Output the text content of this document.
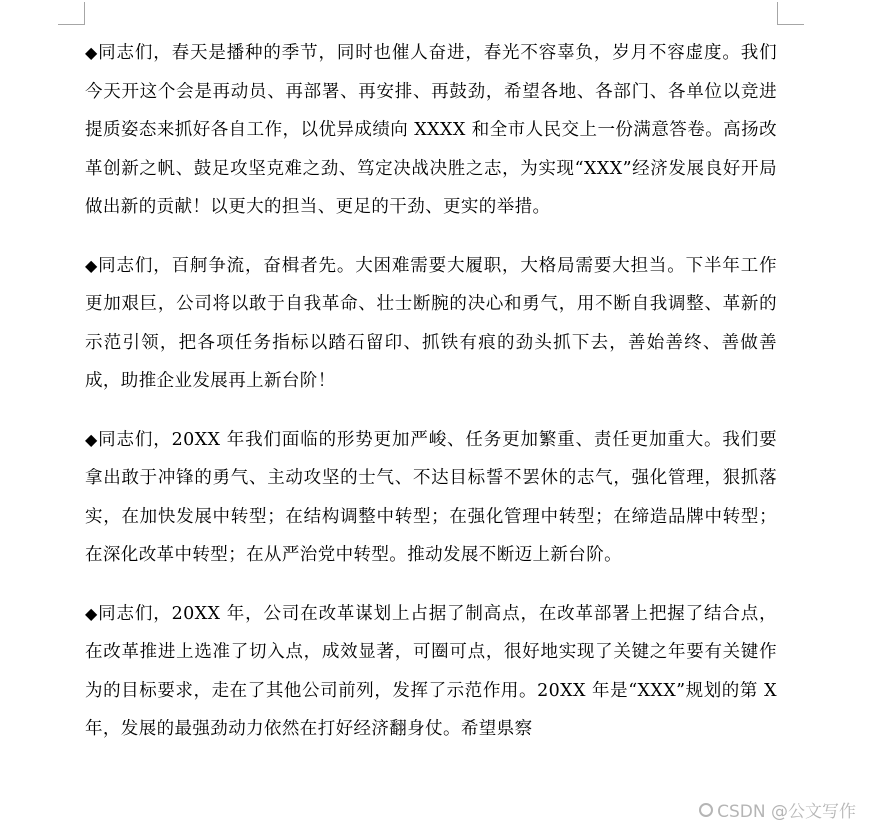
◆同志们，春天是播种的季节，同时也催人奋进，春光不容辜负，岁月不容虚度。我们今天开这个会是再动员、再部署、再安排、再鼓劲，希望各地、各部门、各单位以竞进提质姿态来抓好各自工作，以优异成绩向 XXXX 和全市人民交上一份满意答卷。高扬改革创新之帆、鼓足攻坚克难之劲、笃定决战决胜之志，为实现“XXX”经济发展良好开局做出新的贡献！以更大的担当、更足的干劲、更实的举措。

◆同志们，百舸争流，奋楫者先。大困难需要大履职，大格局需要大担当。下半年工作更加艰巨，公司将以敢于自我革命、壮士断腕的决心和勇气，用不断自我调整、革新的示范引领，把各项任务指标以踏石留印、抓铁有痕的劲头抓下去，善始善终、善做善成，助推企业发展再上新台阶！

◆同志们，20XX 年我们面临的形势更加严峻、任务更加繁重、责任更加重大。我们要拿出敢于冲锋的勇气、主动攻坚的士气、不达目标誓不罢休的志气，强化管理，狠抓落实，在加快发展中转型；在结构调整中转型；在强化管理中转型；在缔造品牌中转型；在深化改革中转型；在从严治党中转型。推动发展不断迈上新台阶。

◆同志们，20XX 年，公司在改革谋划上占据了制高点，在改革部署上把握了结合点，在改革推进上选准了切入点，成效显著，可圈可点，很好地实现了关键之年要有关键作为的目标要求，走在了其他公司前列，发挥了示范作用。20XX 年是“XXX”规划的第 X 年，发展的最强劲动力依然在打好经济翻身仗。希望県察

CSDN @公文写作
